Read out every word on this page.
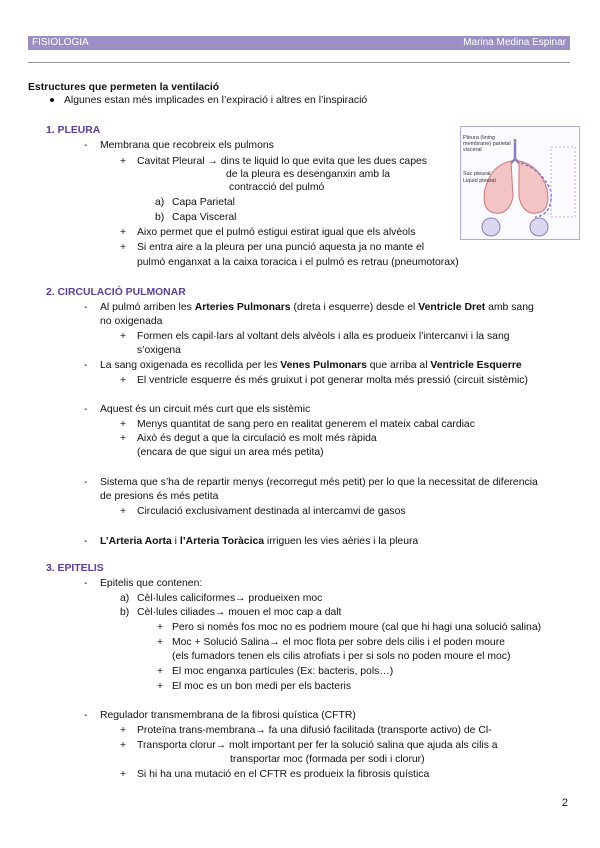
FISIOLOGIA	Marina Medina Espinar
Estructures que permeten la ventilació
Algunes estan més implicades en l’expiració i altres en l’inspiració
1. PLEURA
- Membrana que recobreix els pulmons
+ Cavitat Pleural → dins te liquid lo que evita que les dues capes
de la pleura es desenganxin amb la
contracció del pulmó
a) Capa Parietal
b) Capa Visceral
+ Aixo permet que el pulmó estigui estirat igual que els alvèols
+ Si entra aire a la pleura per una punció aquesta ja no mante el
pulmó enganxat a la caixa toracica i el pulmó es retrau (pneumotorax)
Pleura (lining
membrane) parietal
visceral
Sac pleural
Liquid pleural
2. CIRCULACIÓ PULMONAR
- Al pulmó arriben les Arteries Pulmonars (dreta i esquerre) desde el Ventricle Dret amb sang
no oxigenada
+ Formen els capil·lars al voltant dels alvèols i alla es produeix l’intercanvi i la sang
s’oxigena
- La sang oxigenada es recollida per les Venes Pulmonars que arriba al Ventricle Esquerre
+ El ventricle esquerre és més gruixut i pot generar molta més pressió (circuit sistèmic)
- Aquest és un circuit més curt que els sistèmic
+ Menys quantitat de sang pero en realitat generem el mateix cabal cardiac
+ Això és degut a que la circulació es molt més ràpida
(encara de que sigui un area més petita)
- Sistema que s’ha de repartir menys (recorregut més petit) per lo que la necessitat de diferencia
de presions és més petita
+ Circulació exclusivament destinada al intercamvi de gasos
- L’Arteria Aorta i l’Arteria Toràcica irriguen les vies aèries i la pleura
3. EPITELIS
- Epitelis que contenen:
a) Cèl·lules caliciformes→ produeixen moc
b) Cèl·lules ciliades→ mouen el moc cap a dalt
+ Pero si només fos moc no es podriem moure (cal que hi hagi una solució salina)
+ Moc + Solució Salina→ el moc flota per sobre dels cilis i el poden moure
(els fumadors tenen els cilis atrofiats i per si sols no poden moure el moc)
+ El moc enganxa particules (Ex: bacteris, pols…)
+ El moc es un bon medi per els bacteris
- Regulador transmembrana de la fibrosi quística (CFTR)
+ Proteïna trans-membrana→ fa una difusió facilitada (transporte activo) de Cl-
+ Transporta clorur→ molt important per fer la solució salina que ajuda als cilis a
transportar moc (formada per sodi i clorur)
+ Si hi ha una mutació en el CFTR es produeix la fibrosis quística
2
